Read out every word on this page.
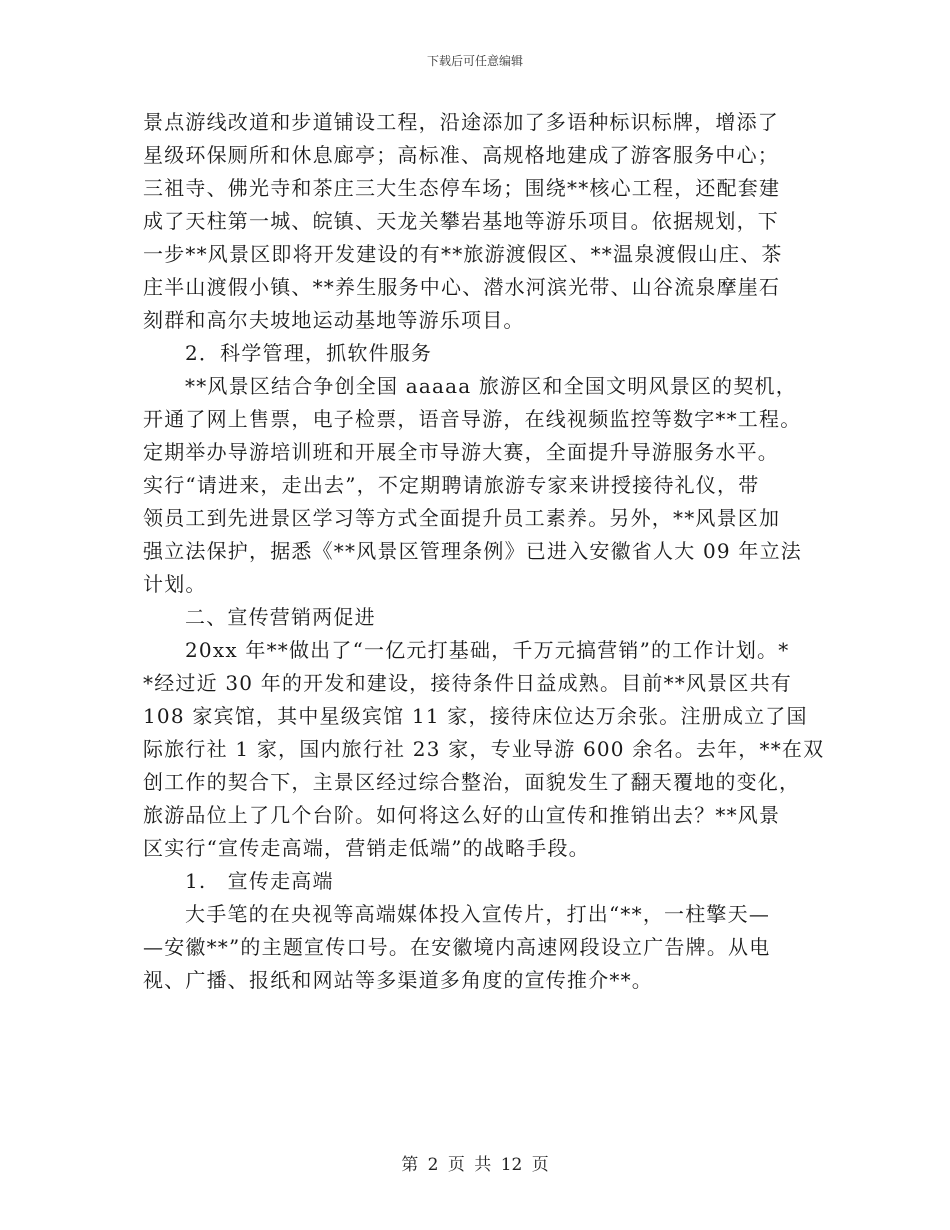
下载后可任意编辑
景点游线改道和步道铺设工程，沿途添加了多语种标识标牌，增添了
星级环保厕所和休息廊亭；高标准、高规格地建成了游客服务中心；
三祖寺、佛光寺和茶庄三大生态停车场；围绕**核心工程，还配套建
成了天柱第一城、皖镇、天龙关攀岩基地等游乐项目。依据规划，下
一步**风景区即将开发建设的有**旅游渡假区、**温泉渡假山庄、茶
庄半山渡假小镇、**养生服务中心、潜水河滨光带、山谷流泉摩崖石
刻群和高尔夫坡地运动基地等游乐项目。
2．科学管理，抓软件服务
**风景区结合争创全国 aaaaa 旅游区和全国文明风景区的契机，
开通了网上售票，电子检票，语音导游，在线视频监控等数字**工程。
定期举办导游培训班和开展全市导游大赛，全面提升导游服务水平。
实行“请进来，走出去”，不定期聘请旅游专家来讲授接待礼仪，带
领员工到先进景区学习等方式全面提升员工素养。另外，**风景区加
强立法保护，据悉《**风景区管理条例》已进入安徽省人大 09 年立法
计划。
二、宣传营销两促进
20xx 年**做出了“一亿元打基础，千万元搞营销”的工作计划。*
*经过近 30 年的开发和建设，接待条件日益成熟。目前**风景区共有
108 家宾馆，其中星级宾馆 11 家，接待床位达万余张。注册成立了国
际旅行社 1 家，国内旅行社 23 家，专业导游 600 余名。去年，**在双
创工作的契合下，主景区经过综合整治，面貌发生了翻天覆地的变化，
旅游品位上了几个台阶。如何将这么好的山宣传和推销出去？**风景
区实行“宣传走高端，营销走低端”的战略手段。
1.　宣传走高端
大手笔的在央视等高端媒体投入宣传片，打出“**，一柱擎天—
—安徽**”的主题宣传口号。在安徽境内高速网段设立广告牌。从电
视、广播、报纸和网站等多渠道多角度的宣传推介**。
第 2 页 共 12 页
